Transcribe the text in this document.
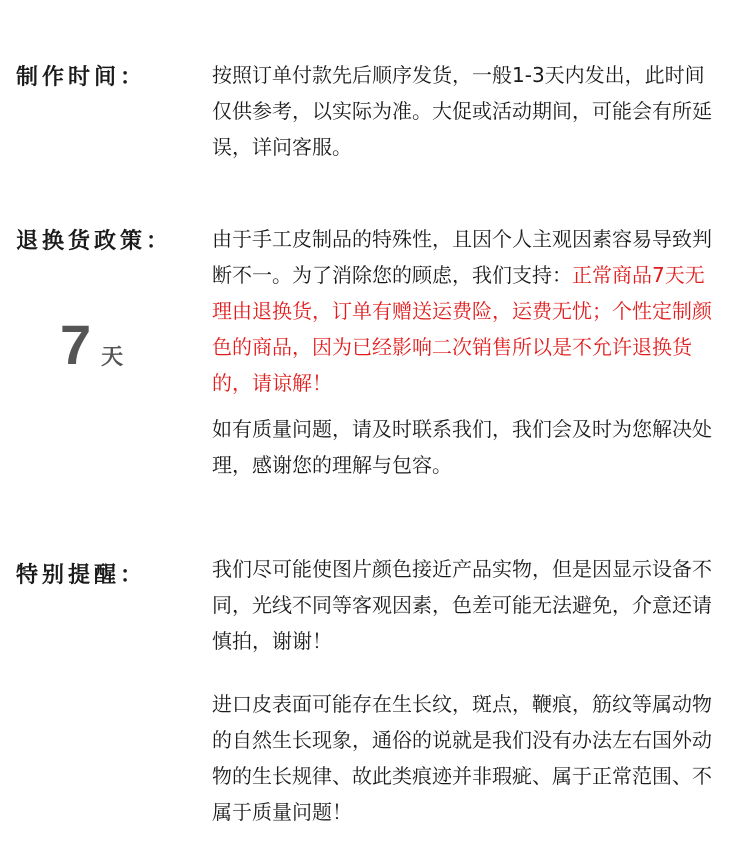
制作时间：	按照订单付款先后顺序发货，一般1-3天内发出，此时间仅供参考，以实际为准。大促或活动期间，可能会有所延误，详问客服。
退换货政策：
7 天
由于手工皮制品的特殊性，且因个人主观因素容易导致判断不一。为了消除您的顾虑，我们支持：正常商品7天无理由退换货，订单有赠送运费险，运费无忧；个性定制颜色的商品，因为已经影响二次销售所以是不允许退换货的，请谅解！
如有质量问题，请及时联系我们，我们会及时为您解决处理，感谢您的理解与包容。
特别提醒：	我们尽可能使图片颜色接近产品实物，但是因显示设备不同，光线不同等客观因素，色差可能无法避免，介意还请慎拍，谢谢！
进口皮表面可能存在生长纹，斑点，鞭痕，筋纹等属动物的自然生长现象，通俗的说就是我们没有办法左右国外动物的生长规律、故此类痕迹并非瑕疵、属于正常范围、不属于质量问题！
